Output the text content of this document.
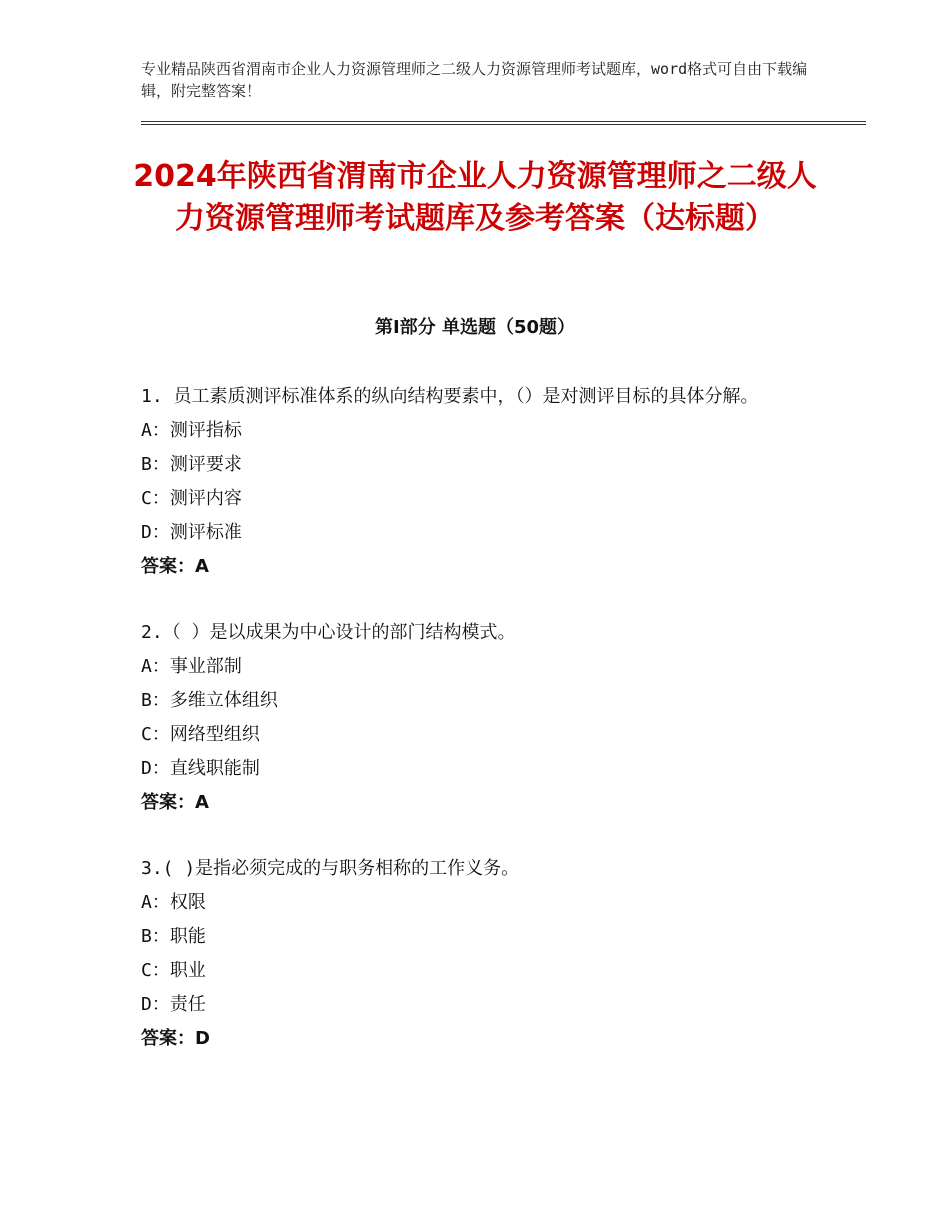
专业精品陕西省渭南市企业人力资源管理师之二级人力资源管理师考试题库，word格式可自由下载编辑，附完整答案！
2024年陕西省渭南市企业人力资源管理师之二级人力资源管理师考试题库及参考答案（达标题）
第Ⅰ部分 单选题（50题）

1. 员工素质测评标准体系的纵向结构要素中，（）是对测评目标的具体分解。

A：测评指标

B：测评要求

C：测评内容

D：测评标准

答案：A

2.（ ）是以成果为中心设计的部门结构模式。

A：事业部制

B：多维立体组织

C：网络型组织

D：直线职能制

答案：A

3.( )是指必须完成的与职务相称的工作义务。

A：权限

B：职能

C：职业

D：责任

答案：D
